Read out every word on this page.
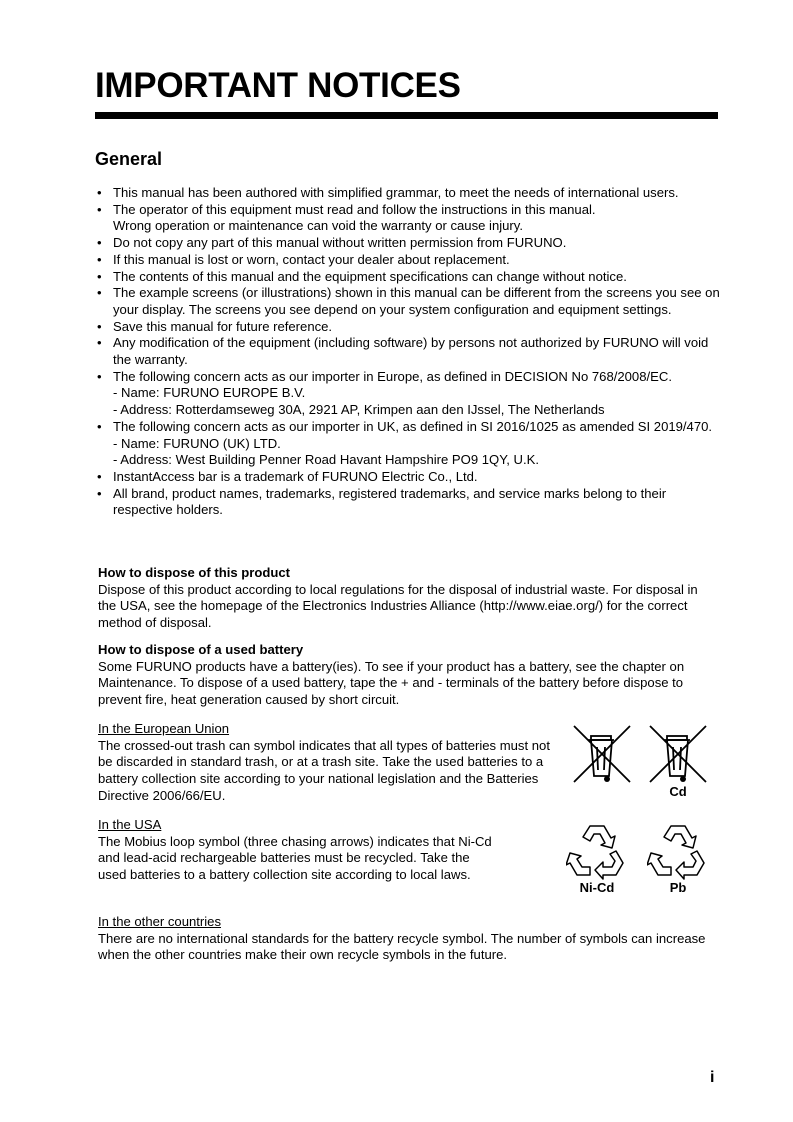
IMPORTANT NOTICES
General
• This manual has been authored with simplified grammar, to meet the needs of international users.
• The operator of this equipment must read and follow the instructions in this manual.
Wrong operation or maintenance can void the warranty or cause injury.
• Do not copy any part of this manual without written permission from FURUNO.
• If this manual is lost or worn, contact your dealer about replacement.
• The contents of this manual and the equipment specifications can change without notice.
• The example screens (or illustrations) shown in this manual can be different from the screens you see on your display. The screens you see depend on your system configuration and equipment settings.
• Save this manual for future reference.
• Any modification of the equipment (including software) by persons not authorized by FURUNO will void the warranty.
• The following concern acts as our importer in Europe, as defined in DECISION No 768/2008/EC.
- Name: FURUNO EUROPE B.V.
- Address: Rotterdamseweg 30A, 2921 AP, Krimpen aan den IJssel, The Netherlands
• The following concern acts as our importer in UK, as defined in SI 2016/1025 as amended SI 2019/470.
- Name: FURUNO (UK) LTD.
- Address: West Building Penner Road Havant Hampshire PO9 1QY, U.K.
• InstantAccess bar is a trademark of FURUNO Electric Co., Ltd.
• All brand, product names, trademarks, registered trademarks, and service marks belong to their respective holders.
How to dispose of this product

Dispose of this product according to local regulations for the disposal of industrial waste. For disposal in the USA, see the homepage of the Electronics Industries Alliance (http://www.eiae.org/) for the correct method of disposal.

How to dispose of a used battery

Some FURUNO products have a battery(ies). To see if your product has a battery, see the chapter on Maintenance. To dispose of a used battery, tape the + and - terminals of the battery before dispose to prevent fire, heat generation caused by short circuit.

In the European Union

The crossed-out trash can symbol indicates that all types of batteries must not be discarded in standard trash, or at a trash site. Take the used batteries to a battery collection site according to your national legislation and the Batteries Directive 2006/66/EU.

In the USA

The Mobius loop symbol (three chasing arrows) indicates that Ni-Cd and lead-acid rechargeable batteries must be recycled. Take the used batteries to a battery collection site according to local laws.

In the other countries

There are no international standards for the battery recycle symbol. The number of symbols can increase when the other countries make their own recycle symbols in the future.

Cd
Ni-Cd	Pb
i
